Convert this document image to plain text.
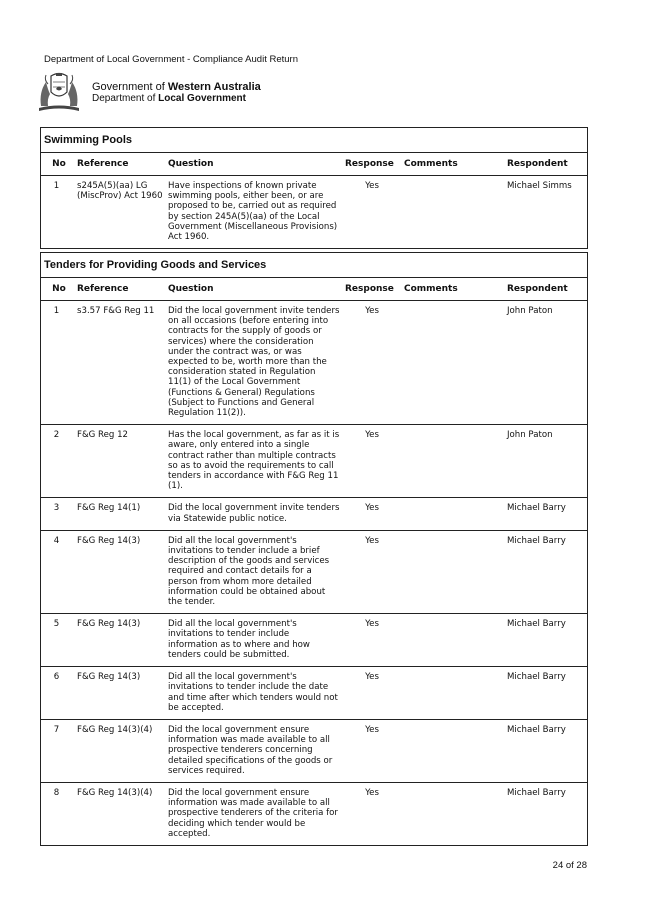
Department of Local Government - Compliance Audit Return
Government of Western Australia
Department of Local Government
Swimming Pools
No	Reference	Question	Response	Comments	Respondent
1	s245A(5)(aa) LG (MiscProv) Act 1960	Have inspections of known private swimming pools, either been, or are proposed to be, carried out as required by section 245A(5)(aa) of the Local Government (Miscellaneous Provisions) Act 1960.	Yes		Michael Simms
Tenders for Providing Goods and Services
No	Reference	Question	Response	Comments	Respondent
1	s3.57 F&G Reg 11	Did the local government invite tenders on all occasions (before entering into contracts for the supply of goods or services) where the consideration under the contract was, or was expected to be, worth more than the consideration stated in Regulation 11(1) of the Local Government (Functions & General) Regulations (Subject to Functions and General Regulation 11(2)).	Yes		John Paton
2	F&G Reg 12	Has the local government, as far as it is aware, only entered into a single contract rather than multiple contracts so as to avoid the requirements to call tenders in accordance with F&G Reg 11 (1).	Yes		John Paton
3	F&G Reg 14(1)	Did the local government invite tenders via Statewide public notice.	Yes		Michael Barry
4	F&G Reg 14(3)	Did all the local government's invitations to tender include a brief description of the goods and services required and contact details for a person from whom more detailed information could be obtained about the tender.	Yes		Michael Barry
5	F&G Reg 14(3)	Did all the local government's invitations to tender include information as to where and how tenders could be submitted.	Yes		Michael Barry
6	F&G Reg 14(3)	Did all the local government's invitations to tender include the date and time after which tenders would not be accepted.	Yes		Michael Barry
7	F&G Reg 14(3)(4)	Did the local government ensure information was made available to all prospective tenderers concerning detailed specifications of the goods or services required.	Yes		Michael Barry
8	F&G Reg 14(3)(4)	Did the local government ensure information was made available to all prospective tenderers of the criteria for deciding which tender would be accepted.	Yes		Michael Barry
24 of 28
